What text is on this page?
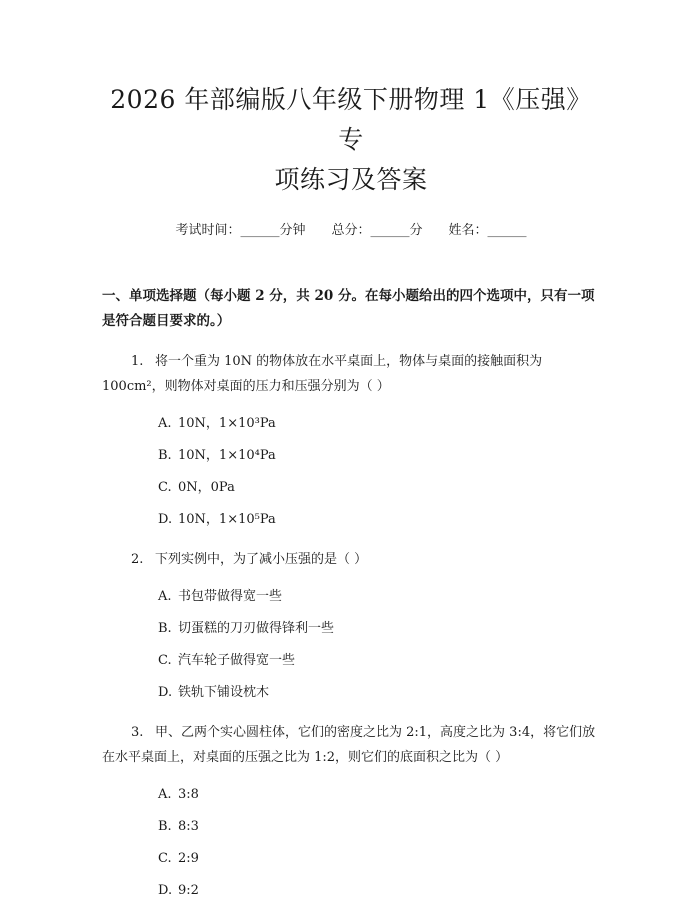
2026 年部编版八年级下册物理 1《压强》专
项练习及答案
考试时间：______分钟 总分：______分 姓名：______
一、单项选择题（每小题 2 分，共 20 分。在每小题给出的四个选项中，只有一项是符合题目要求的。）
1. 将一个重为 10N 的物体放在水平桌面上，物体与桌面的接触面积为 100cm²，则物体对桌面的压力和压强分别为（ ）
A. 10N，1×10³Pa
B. 10N，1×10⁴Pa
C. 0N，0Pa
D. 10N，1×10⁵Pa
2. 下列实例中，为了减小压强的是（ ）
A. 书包带做得宽一些
B. 切蛋糕的刀刃做得锋利一些
C. 汽车轮子做得宽一些
D. 铁轨下铺设枕木
3. 甲、乙两个实心圆柱体，它们的密度之比为 2:1，高度之比为 3:4，将它们放在水平桌面上，对桌面的压强之比为 1:2，则它们的底面积之比为（ ）
A. 3:8
B. 8:3
C. 2:9
D. 9:2
